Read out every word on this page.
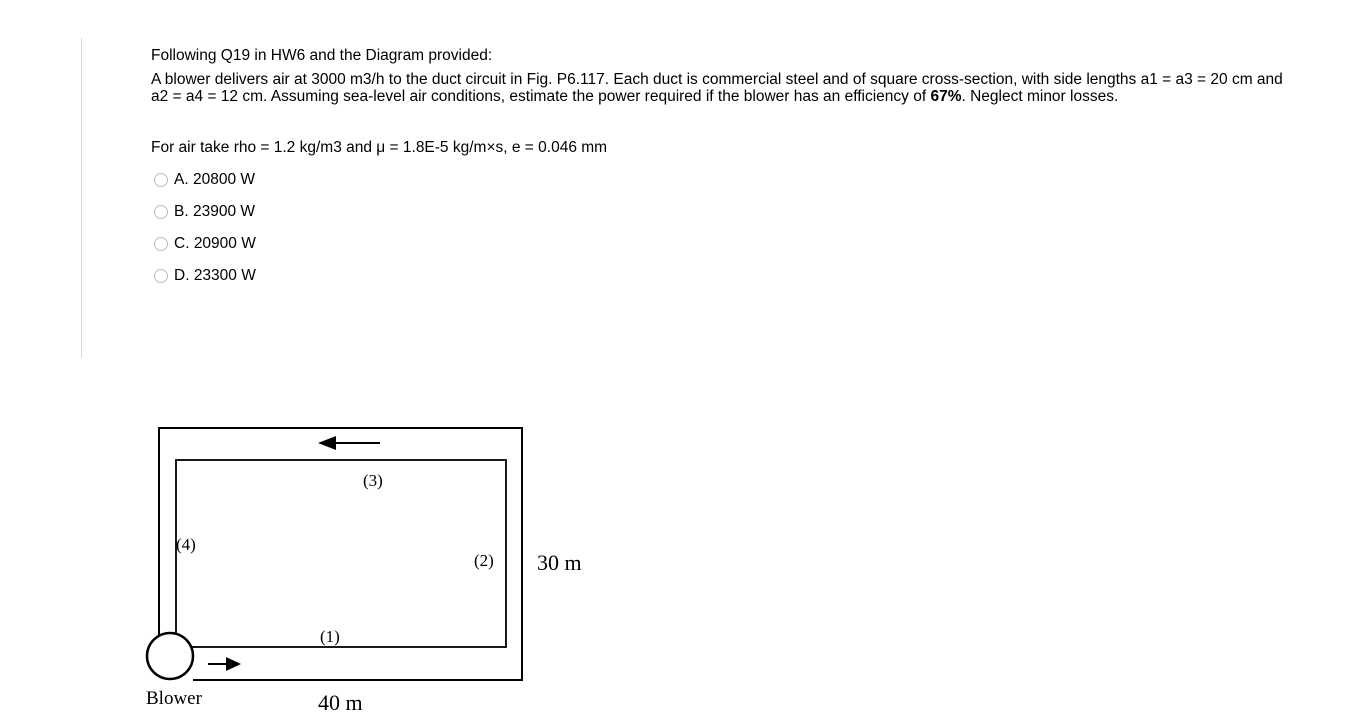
Following Q19 in HW6 and the Diagram provided:

A blower delivers air at 3000 m3/h to the duct circuit in Fig. P6.117. Each duct is commercial steel and of square cross-section, with side lengths a1 = a3 = 20 cm and a2 = a4 = 12 cm. Assuming sea-level air conditions, estimate the power required if the blower has an efficiency of 67%. Neglect minor losses.

For air take rho = 1.2 kg/m3 and μ = 1.8E-5 kg/m×s, e = 0.046 mm

A.
20800 W
B.
23900 W
C.
20900 W
D.
23300 W
(3)
(4)
(2)
(1)
30 m
40 m
Blower
